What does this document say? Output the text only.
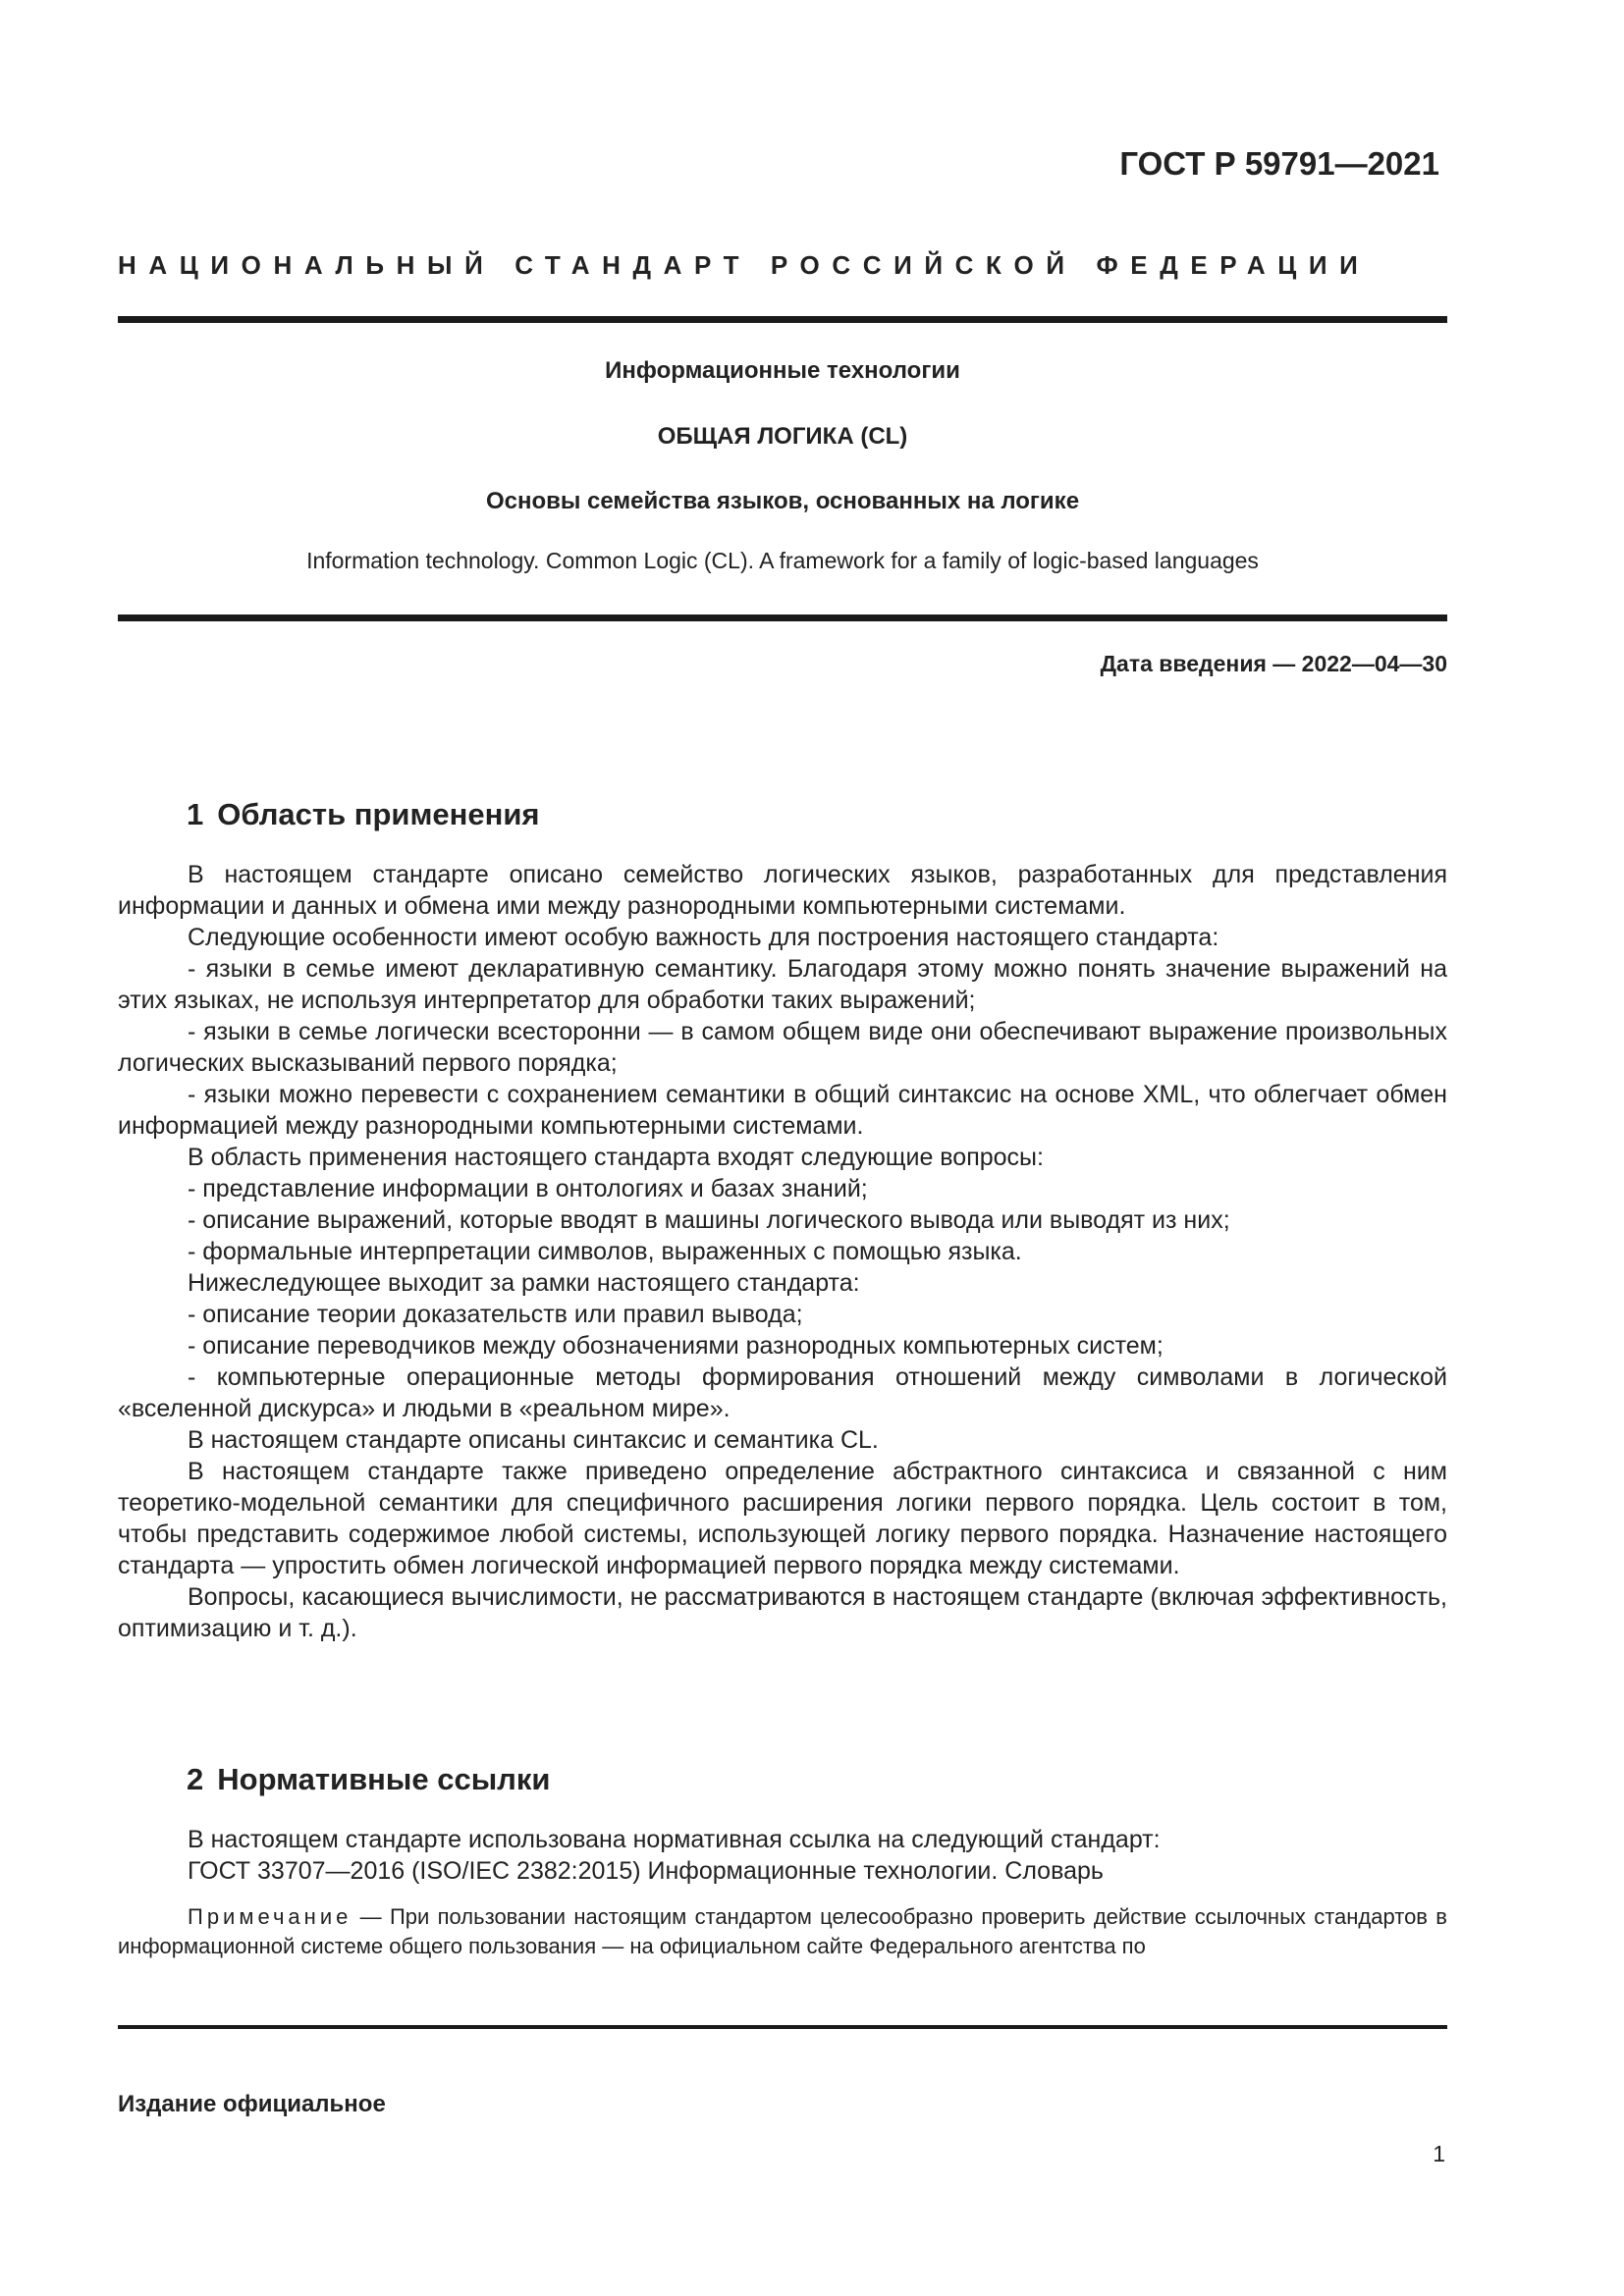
ГОСТ Р 59791—2021
НАЦИОНАЛЬНЫЙ СТАНДАРТ РОССИЙСКОЙ ФЕДЕРАЦИИ
Информационные технологии
ОБЩАЯ ЛОГИКА (CL)
Основы семейства языков, основанных на логике
Information technology. Common Logic (CL). A framework for a family of logic-based languages
Дата введения — 2022—04—30
1 Область применения

В настоящем стандарте описано семейство логических языков, разработанных для представления информации и данных и обмена ими между разнородными компьютерными системами.

Следующие особенности имеют особую важность для построения настоящего стандарта:

- языки в семье имеют декларативную семантику. Благодаря этому можно понять значение выражений на этих языках, не используя интерпретатор для обработки таких выражений;

- языки в семье логически всесторонни — в самом общем виде они обеспечивают выражение произвольных логических высказываний первого порядка;

- языки можно перевести с сохранением семантики в общий синтаксис на основе XML, что облегчает обмен информацией между разнородными компьютерными системами.

В область применения настоящего стандарта входят следующие вопросы:

- представление информации в онтологиях и базах знаний;

- описание выражений, которые вводят в машины логического вывода или выводят из них;

- формальные интерпретации символов, выраженных с помощью языка.

Нижеследующее выходит за рамки настоящего стандарта:

- описание теории доказательств или правил вывода;

- описание переводчиков между обозначениями разнородных компьютерных систем;

- компьютерные операционные методы формирования отношений между символами в логической «вселенной дискурса» и людьми в «реальном мире».

В настоящем стандарте описаны синтаксис и семантика CL.

В настоящем стандарте также приведено определение абстрактного синтаксиса и связанной с ним теоретико-модельной семантики для специфичного расширения логики первого порядка. Цель состоит в том, чтобы представить содержимое любой системы, использующей логику первого порядка. Назначение настоящего стандарта — упростить обмен логической информацией первого порядка между системами.

Вопросы, касающиеся вычислимости, не рассматриваются в настоящем стандарте (включая эффективность, оптимизацию и т. д.).

2 Нормативные ссылки

В настоящем стандарте использована нормативная ссылка на следующий стандарт:

ГОСТ 33707—2016 (ISO/IEC 2382:2015) Информационные технологии. Словарь

Примечание — При пользовании настоящим стандартом целесообразно проверить действие ссылочных стандартов в информационной системе общего пользования — на официальном сайте Федерального агентства по

Издание официальное
1
